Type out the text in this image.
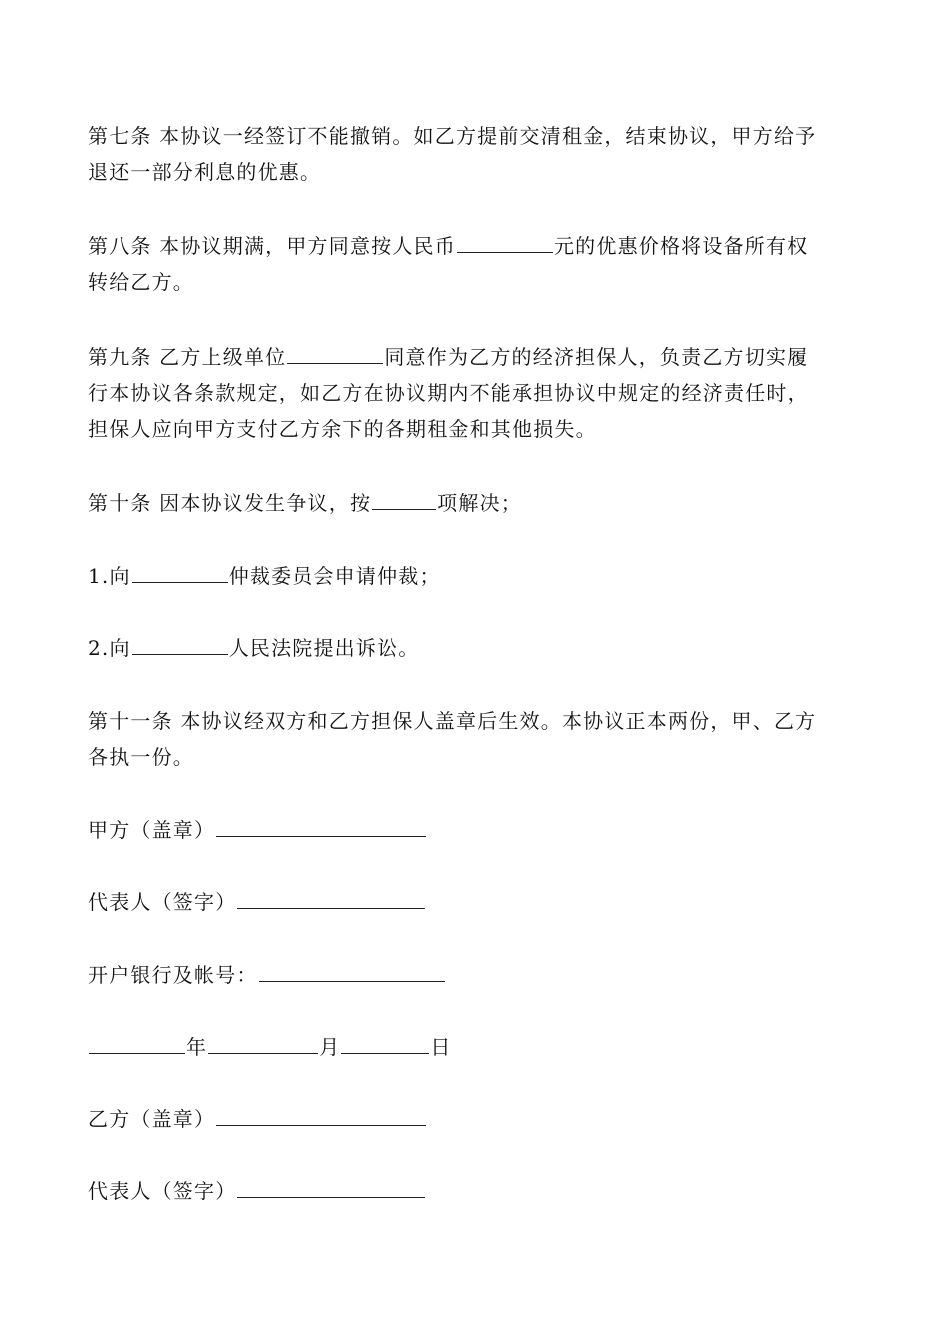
第七条 本协议一经签订不能撤销。如乙方提前交清租金，结束协议，甲方给予
退还一部分利息的优惠。
第八条 本协议期满，甲方同意按人民币	元的优惠价格将设备所有权
转给乙方。
第九条 乙方上级单位	同意作为乙方的经济担保人，负责乙方切实履
行本协议各条款规定，如乙方在协议期内不能承担协议中规定的经济责任时，
担保人应向甲方支付乙方余下的各期租金和其他损失。
第十条 因本协议发生争议，按	项解决；
1.向	仲裁委员会申请仲裁；
2.向	人民法院提出诉讼。
第十一条 本协议经双方和乙方担保人盖章后生效。本协议正本两份，甲、乙方
各执一份。
甲方（盖章）
代表人（签字）
开户银行及帐号：
年	月	日
乙方（盖章）
代表人（签字）
